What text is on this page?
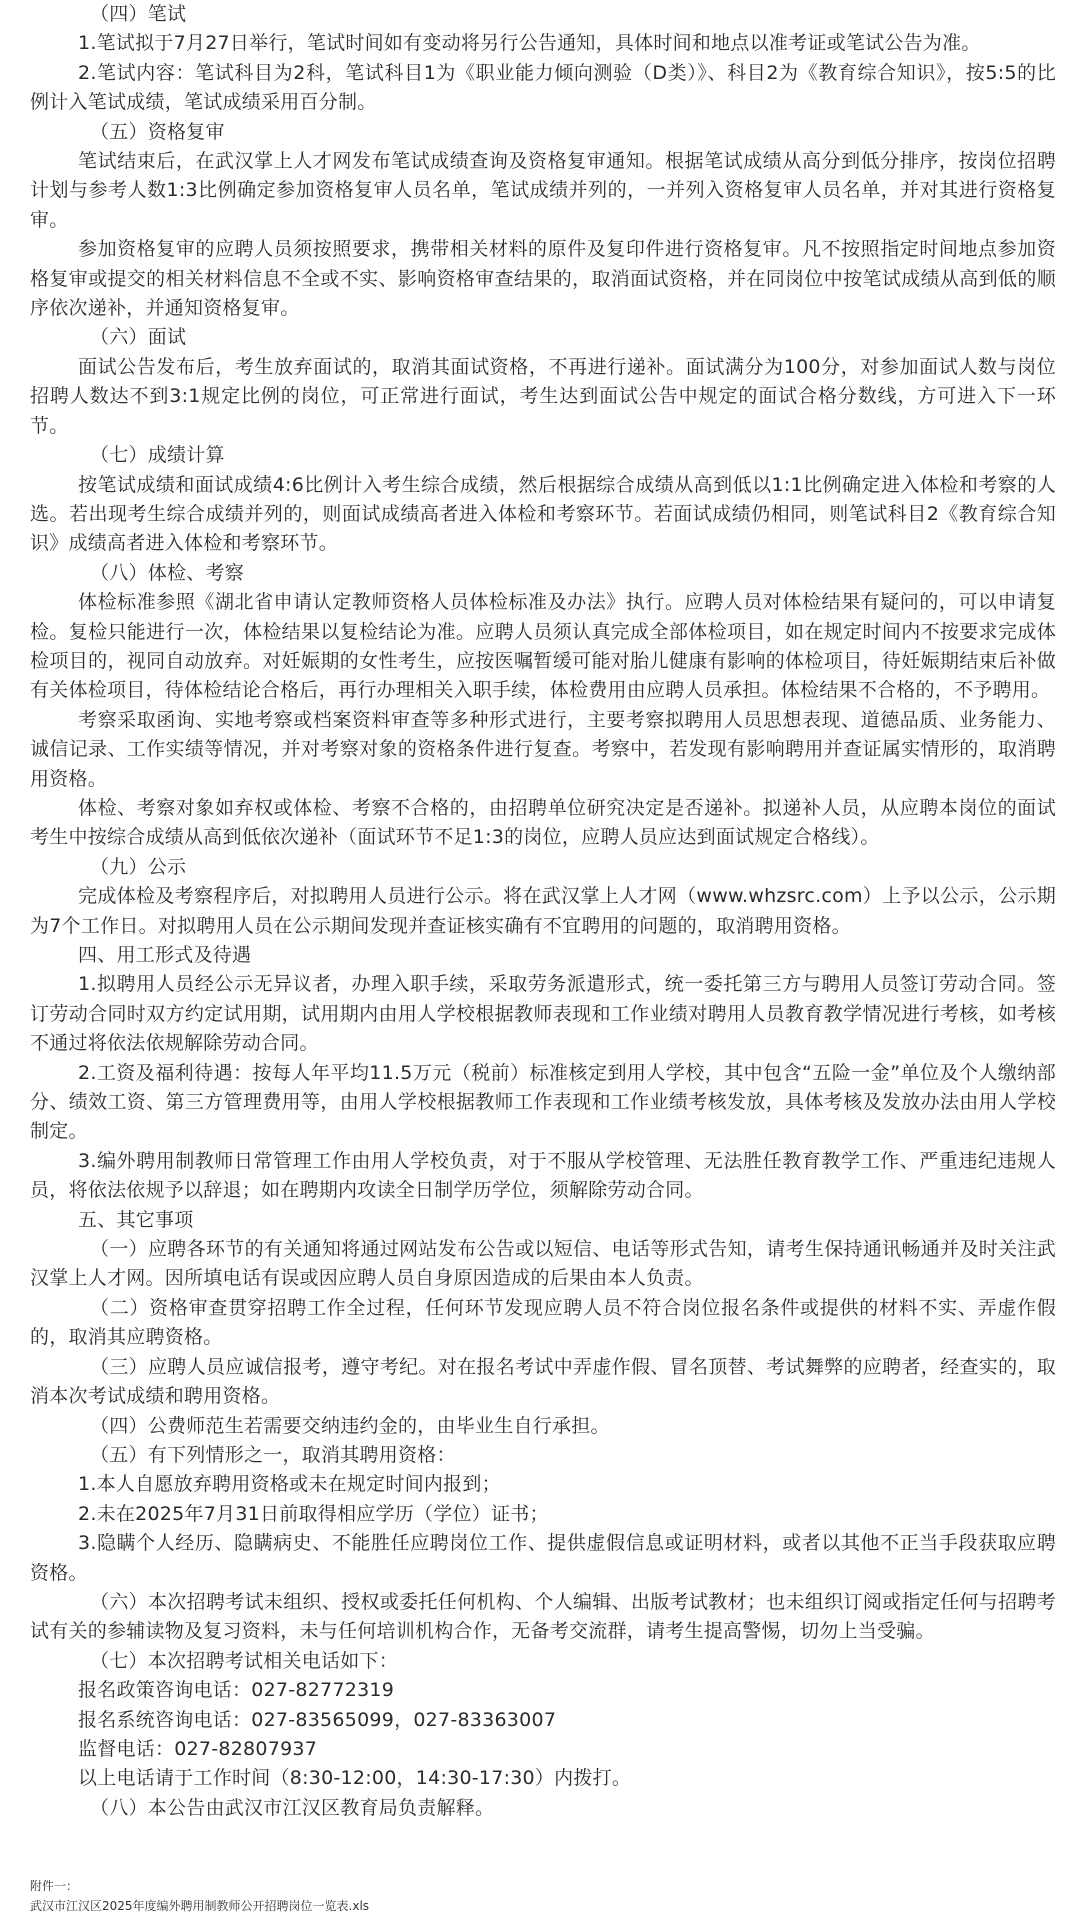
（四）笔试

1.笔试拟于7月27日举行，笔试时间如有变动将另行公告通知，具体时间和地点以准考证或笔试公告为准。

2.笔试内容：笔试科目为2科，笔试科目1为《职业能力倾向测验（D类）》、科目2为《教育综合知识》，按5:5的比例计入笔试成绩，笔试成绩采用百分制。

（五）资格复审

笔试结束后，在武汉掌上人才网发布笔试成绩查询及资格复审通知。根据笔试成绩从高分到低分排序，按岗位招聘计划与参考人数1:3比例确定参加资格复审人员名单，笔试成绩并列的，一并列入资格复审人员名单，并对其进行资格复审。

参加资格复审的应聘人员须按照要求，携带相关材料的原件及复印件进行资格复审。凡不按照指定时间地点参加资格复审或提交的相关材料信息不全或不实、影响资格审查结果的，取消面试资格，并在同岗位中按笔试成绩从高到低的顺序依次递补，并通知资格复审。

（六）面试

面试公告发布后，考生放弃面试的，取消其面试资格，不再进行递补。面试满分为100分，对参加面试人数与岗位招聘人数达不到3:1规定比例的岗位，可正常进行面试，考生达到面试公告中规定的面试合格分数线，方可进入下一环节。

（七）成绩计算

按笔试成绩和面试成绩4:6比例计入考生综合成绩，然后根据综合成绩从高到低以1:1比例确定进入体检和考察的人选。若出现考生综合成绩并列的，则面试成绩高者进入体检和考察环节。若面试成绩仍相同，则笔试科目2《教育综合知识》成绩高者进入体检和考察环节。

（八）体检、考察

体检标准参照《湖北省申请认定教师资格人员体检标准及办法》执行。应聘人员对体检结果有疑问的，可以申请复检。复检只能进行一次，体检结果以复检结论为准。应聘人员须认真完成全部体检项目，如在规定时间内不按要求完成体检项目的，视同自动放弃。对妊娠期的女性考生，应按医嘱暂缓可能对胎儿健康有影响的体检项目，待妊娠期结束后补做有关体检项目，待体检结论合格后，再行办理相关入职手续，体检费用由应聘人员承担。体检结果不合格的，不予聘用。

考察采取函询、实地考察或档案资料审查等多种形式进行，主要考察拟聘用人员思想表现、道德品质、业务能力、诚信记录、工作实绩等情况，并对考察对象的资格条件进行复查。考察中，若发现有影响聘用并查证属实情形的，取消聘用资格。

体检、考察对象如弃权或体检、考察不合格的，由招聘单位研究决定是否递补。拟递补人员，从应聘本岗位的面试考生中按综合成绩从高到低依次递补（面试环节不足1:3的岗位，应聘人员应达到面试规定合格线）。

（九）公示

完成体检及考察程序后，对拟聘用人员进行公示。将在武汉掌上人才网（www.whzsrc.com）上予以公示，公示期为7个工作日。对拟聘用人员在公示期间发现并查证核实确有不宜聘用的问题的，取消聘用资格。

四、用工形式及待遇

1.拟聘用人员经公示无异议者，办理入职手续，采取劳务派遣形式，统一委托第三方与聘用人员签订劳动合同。签订劳动合同时双方约定试用期，试用期内由用人学校根据教师表现和工作业绩对聘用人员教育教学情况进行考核，如考核不通过将依法依规解除劳动合同。

2.工资及福利待遇：按每人年平均11.5万元（税前）标准核定到用人学校，其中包含“五险一金”单位及个人缴纳部分、绩效工资、第三方管理费用等，由用人学校根据教师工作表现和工作业绩考核发放，具体考核及发放办法由用人学校制定。

3.编外聘用制教师日常管理工作由用人学校负责，对于不服从学校管理、无法胜任教育教学工作、严重违纪违规人员，将依法依规予以辞退；如在聘期内攻读全日制学历学位，须解除劳动合同。

五、其它事项

（一）应聘各环节的有关通知将通过网站发布公告或以短信、电话等形式告知，请考生保持通讯畅通并及时关注武汉掌上人才网。因所填电话有误或因应聘人员自身原因造成的后果由本人负责。

（二）资格审查贯穿招聘工作全过程，任何环节发现应聘人员不符合岗位报名条件或提供的材料不实、弄虚作假的，取消其应聘资格。

（三）应聘人员应诚信报考，遵守考纪。对在报名考试中弄虚作假、冒名顶替、考试舞弊的应聘者，经查实的，取消本次考试成绩和聘用资格。

（四）公费师范生若需要交纳违约金的，由毕业生自行承担。

（五）有下列情形之一，取消其聘用资格：

1.本人自愿放弃聘用资格或未在规定时间内报到；

2.未在2025年7月31日前取得相应学历（学位）证书；

3.隐瞒个人经历、隐瞒病史、不能胜任应聘岗位工作、提供虚假信息或证明材料，或者以其他不正当手段获取应聘资格。

（六）本次招聘考试未组织、授权或委托任何机构、个人编辑、出版考试教材；也未组织订阅或指定任何与招聘考试有关的参辅读物及复习资料，未与任何培训机构合作，无备考交流群，请考生提高警惕，切勿上当受骗。

（七）本次招聘考试相关电话如下：

报名政策咨询电话：027-82772319

报名系统咨询电话：027-83565099，027-83363007

监督电话：027-82807937

以上电话请于工作时间（8:30-12:00，14:30-17:30）内拨打。

（八）本公告由武汉市江汉区教育局负责解释。

附件一：

武汉市江汉区2025年度编外聘用制教师公开招聘岗位一览表.xls
